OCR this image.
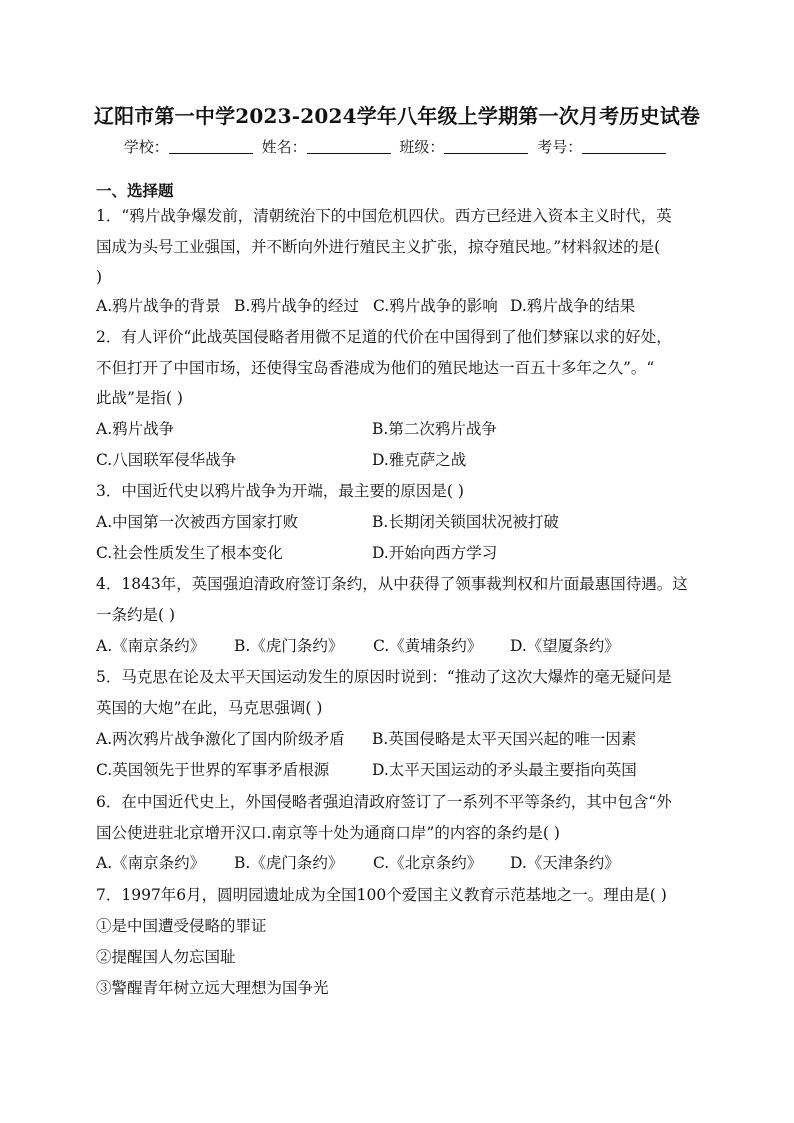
辽阳市第一中学2023-2024学年八年级上学期第一次月考历史试卷
学校：	姓名：	班级：	考号：
一、选择题
1．“鸦片战争爆发前，清朝统治下的中国危机四伏。西方已经进入资本主义时代，英
国成为头号工业强国，并不断向外进行殖民主义扩张，掠夺殖民地。”材料叙述的是(
)
A.鸦片战争的背景 B.鸦片战争的经过 C.鸦片战争的影响 D.鸦片战争的结果
2．有人评价“此战英国侵略者用微不足道的代价在中国得到了他们梦寐以求的好处，
不但打开了中国市场，还使得宝岛香港成为他们的殖民地达一百五十多年之久”。“
此战”是指( )
A.鸦片战争	B.第二次鸦片战争
C.八国联军侵华战争	D.雅克萨之战
3．中国近代史以鸦片战争为开端，最主要的原因是( )
A.中国第一次被西方国家打败	B.长期闭关锁国状况被打破
C.社会性质发生了根本变化	D.开始向西方学习
4．1843年，英国强迫清政府签订条约，从中获得了领事裁判权和片面最惠国待遇。这
一条约是( )
A.《南京条约》 B.《虎门条约》 C.《黄埔条约》 D.《望厦条约》
5．马克思在论及太平天国运动发生的原因时说到：“推动了这次大爆炸的毫无疑问是
英国的大炮”在此，马克思强调( )
A.两次鸦片战争激化了国内阶级矛盾 B.英国侵略是太平天国兴起的唯一因素
C.英国领先于世界的军事矛盾根源	D.太平天国运动的矛头最主要指向英国
6．在中国近代史上，外国侵略者强迫清政府签订了一系列不平等条约，其中包含“外
国公使进驻北京增开汉口.南京等十处为通商口岸”的内容的条约是( )
A.《南京条约》 B.《虎门条约》 C.《北京条约》 D.《天津条约》
7．1997年6月，圆明园遗址成为全国100个爱国主义教育示范基地之一。理由是( )
①是中国遭受侵略的罪证
②提醒国人勿忘国耻
③警醒青年树立远大理想为国争光
